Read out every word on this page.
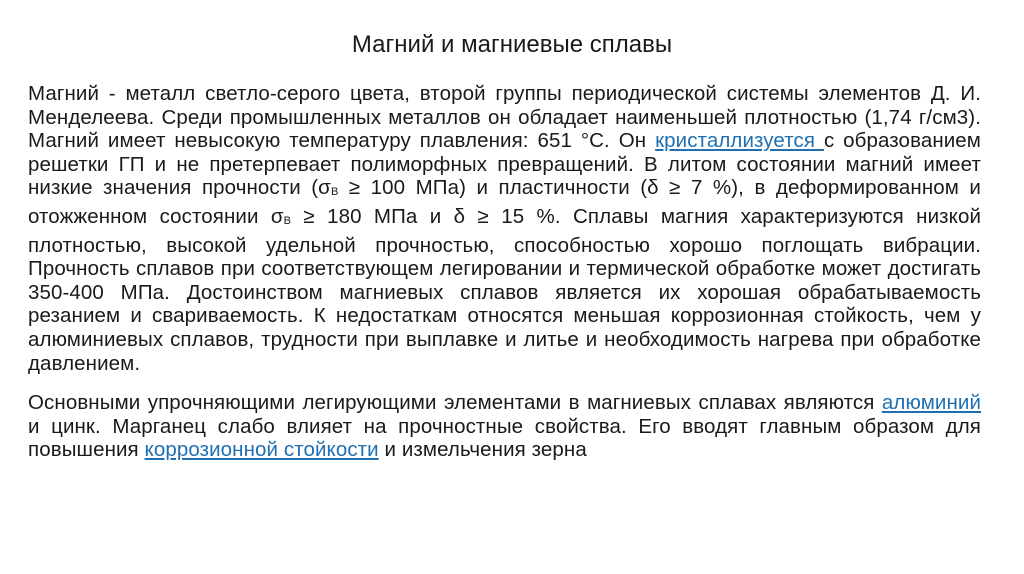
Магний и магниевые сплавы

Магний - металл светло-серого цвета, второй группы периодической системы элементов Д. И. Менделеева. Среди промышленных металлов он обладает наименьшей плотностью (1,74 г/см3). Магний имеет невысокую температуру плавления: 651 °С. Он кристаллизуется с образованием решетки ГП и не претерпевает полиморфных превращений. В литом состоянии магний имеет низкие значения прочности ($\sigma_B \ge 100$ МПа) и пластичности (δ ≥ 7 %), в деформированном и отожженном состоянии $\sigma_B \ge 180$ МПа и δ ≥ 15 %. Сплавы магния характеризуются низкой плотностью, высокой удельной прочностью, способностью хорошо поглощать вибрации. Прочность сплавов при соответствующем легировании и термической обработке может достигать 350-400 МПа. Достоинством магниевых сплавов является их хорошая обрабатываемость резанием и свариваемость. К недостаткам относятся меньшая коррозионная стойкость, чем у алюминиевых сплавов, трудности при выплавке и литье и необходимость нагрева при обработке давлением.

Основными упрочняющими легирующими элементами в магниевых сплавах являются алюминий и цинк. Марганец слабо влияет на прочностные свойства. Его вводят главным образом для повышения коррозионной стойкости и измельчения зерна
